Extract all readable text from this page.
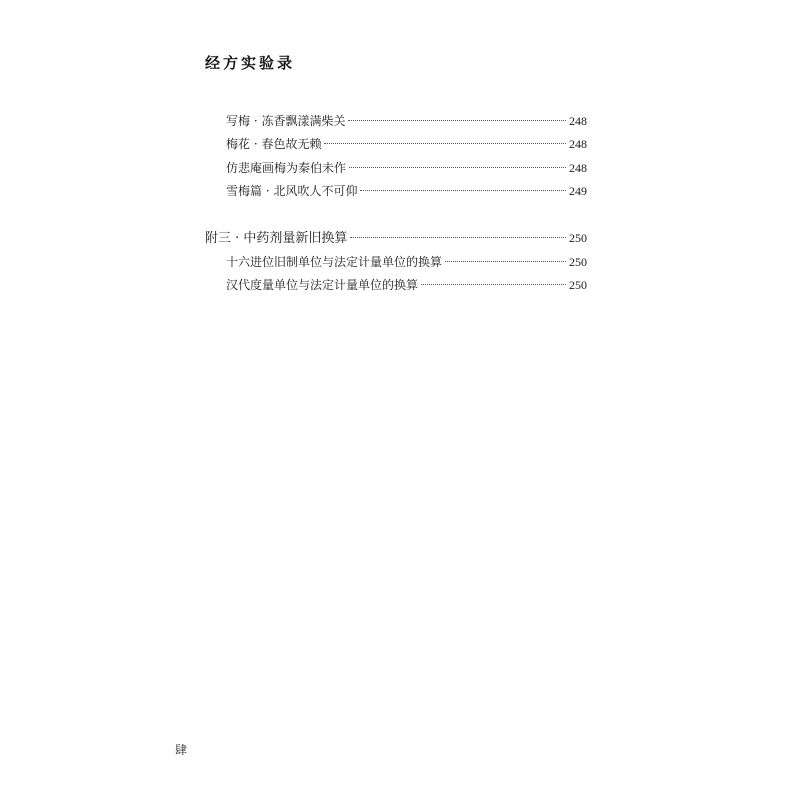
经方实验录
写梅 · 冻香飘漾满柴关	248
梅花 · 春色故无赖	248
仿悲庵画梅为秦伯未作	248
雪梅篇 · 北风吹人不可仰	249
附三 · 中药剂量新旧换算	250
十六进位旧制单位与法定计量单位的换算	250
汉代度量单位与法定计量单位的换算	250
肆
